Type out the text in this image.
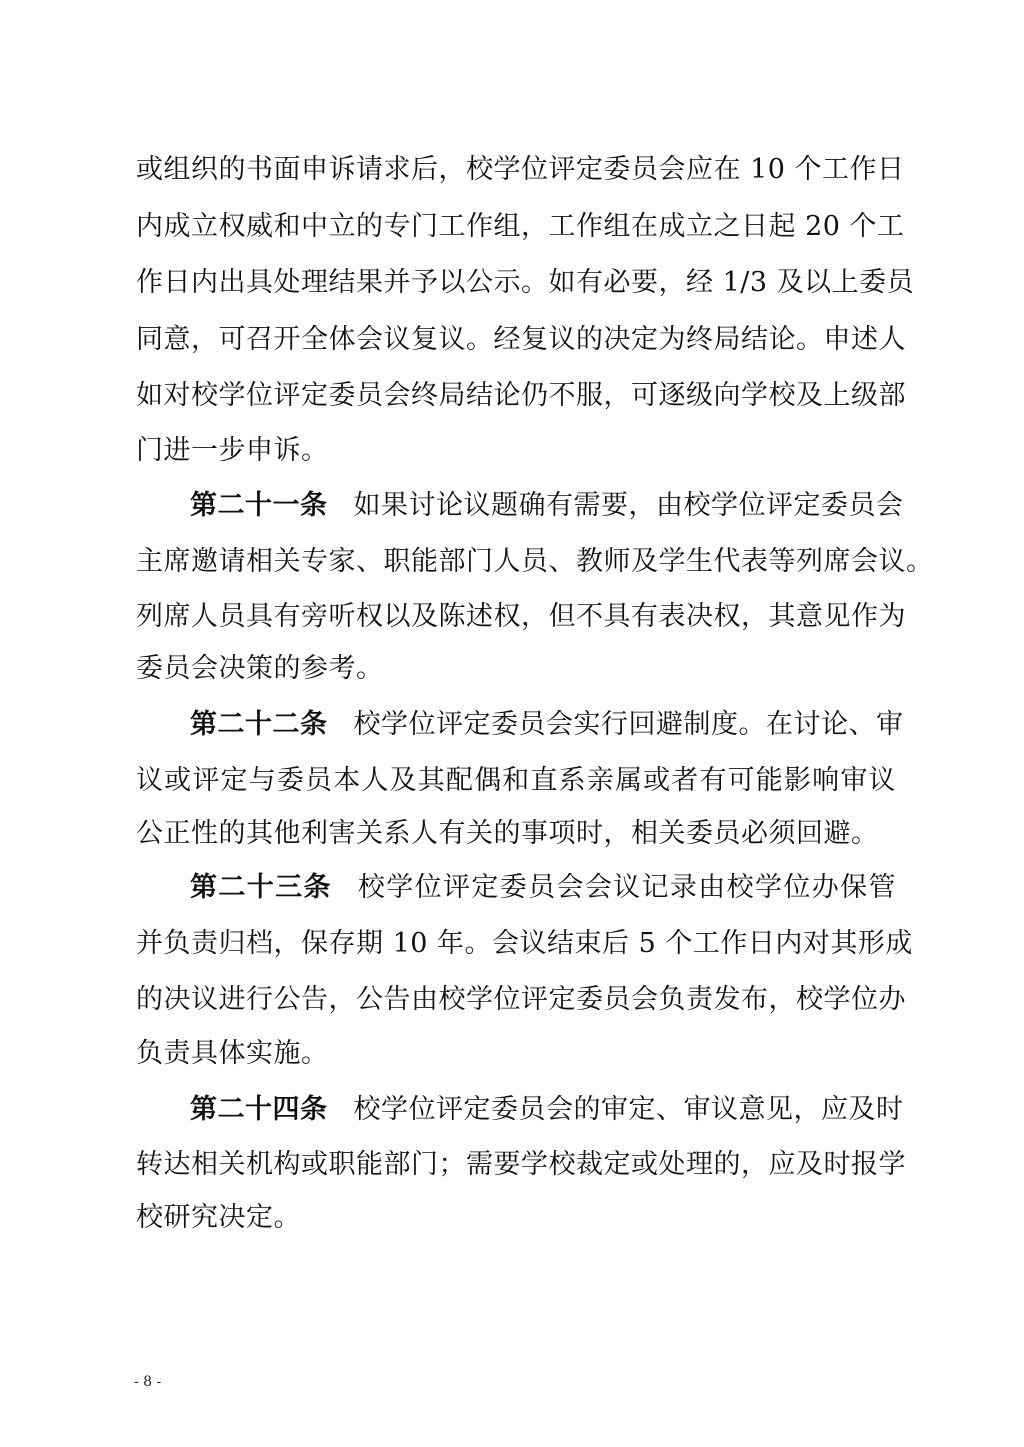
或组织的书面申诉请求后，校学位评定委员会应在 10 个工作日
内成立权威和中立的专门工作组，工作组在成立之日起 20 个工
作日内出具处理结果并予以公示。如有必要，经 1/3 及以上委员
同意，可召开全体会议复议。经复议的决定为终局结论。申述人
如对校学位评定委员会终局结论仍不服，可逐级向学校及上级部
门进一步申诉。
第二十一条 如果讨论议题确有需要，由校学位评定委员会
主席邀请相关专家、职能部门人员、教师及学生代表等列席会议。
列席人员具有旁听权以及陈述权，但不具有表决权，其意见作为
委员会决策的参考。
第二十二条 校学位评定委员会实行回避制度。在讨论、审
议或评定与委员本人及其配偶和直系亲属或者有可能影响审议
公正性的其他利害关系人有关的事项时，相关委员必须回避。
第二十三条 校学位评定委员会会议记录由校学位办保管
并负责归档，保存期 10 年。会议结束后 5 个工作日内对其形成
的决议进行公告，公告由校学位评定委员会负责发布，校学位办
负责具体实施。
第二十四条 校学位评定委员会的审定、审议意见，应及时
转达相关机构或职能部门；需要学校裁定或处理的，应及时报学
校研究决定。
- 8 -
